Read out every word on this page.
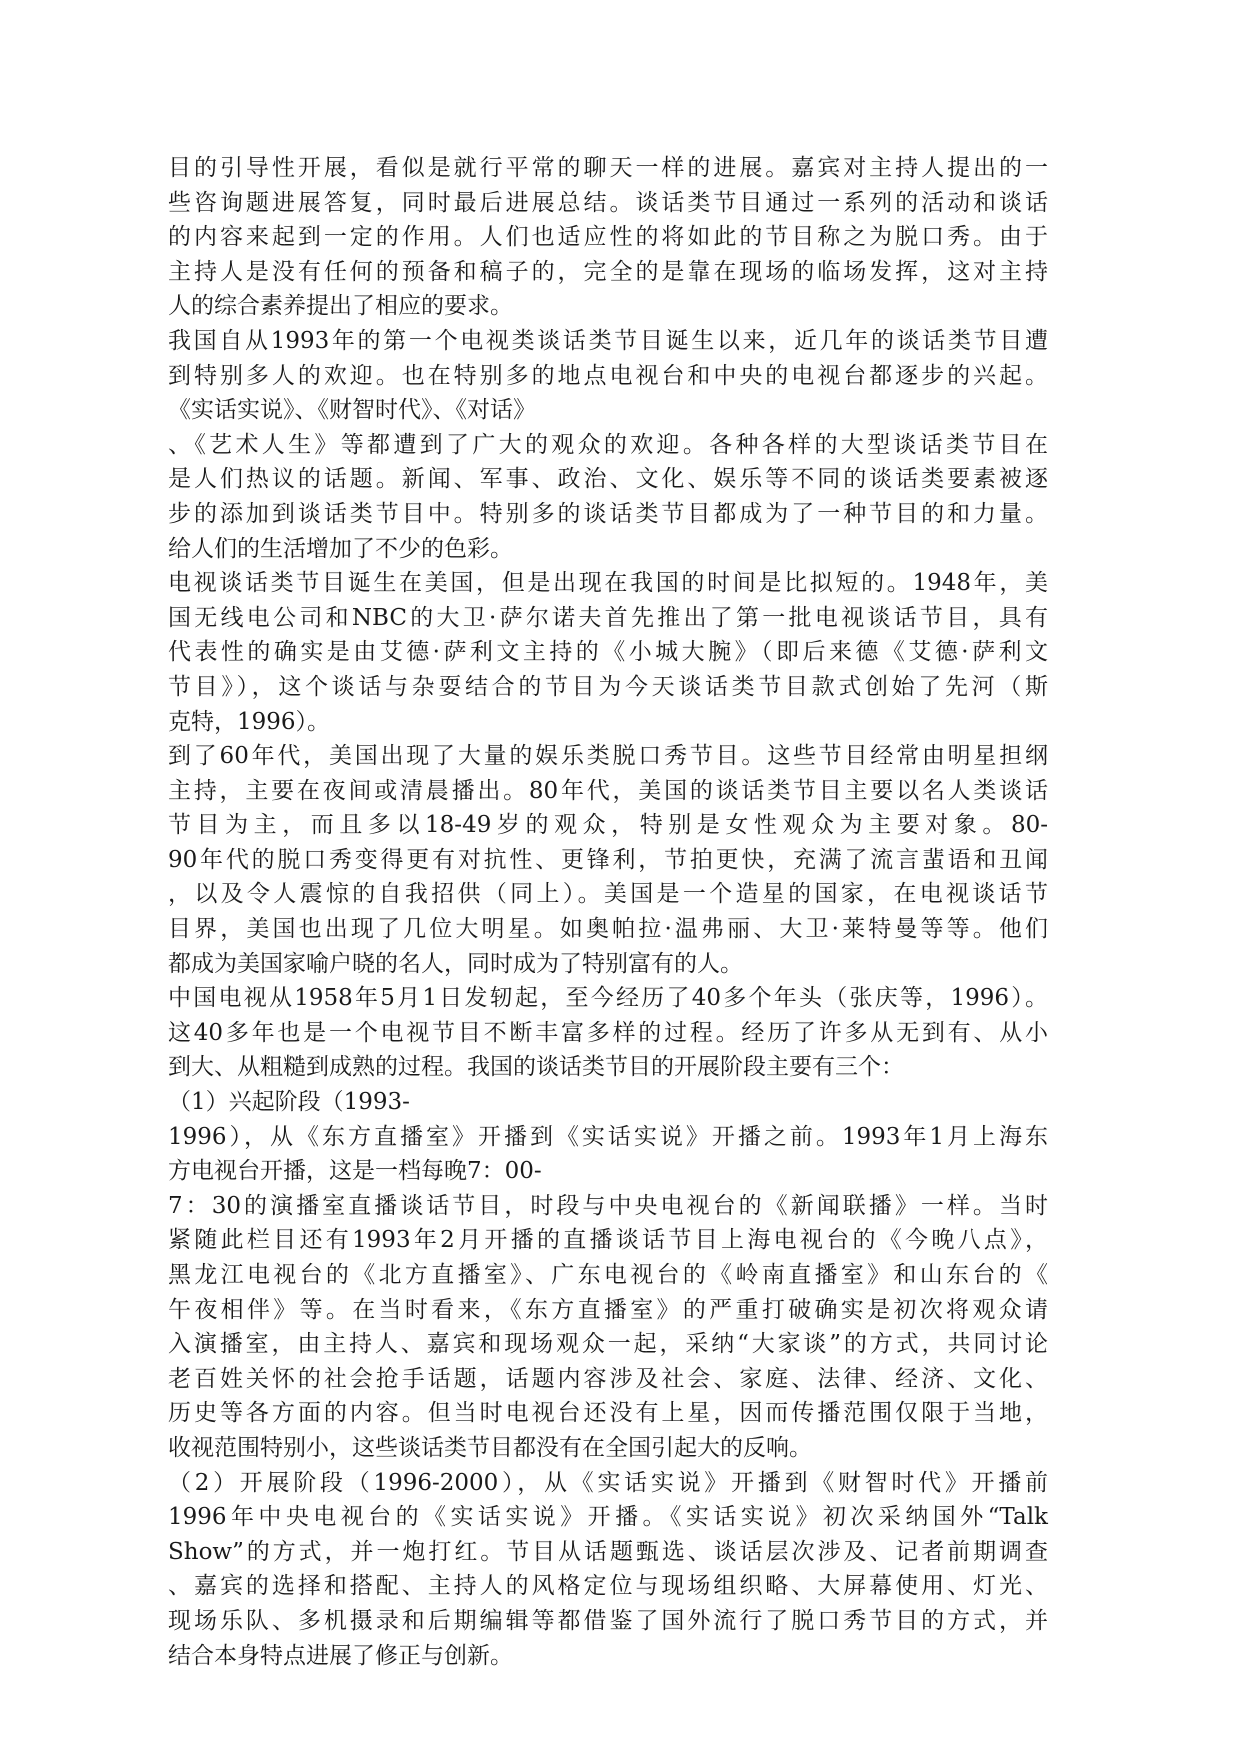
目的引导性开展，看似是就行平常的聊天一样的进展。嘉宾对主持人提出的一
些咨询题进展答复，同时最后进展总结。谈话类节目通过一系列的活动和谈话
的内容来起到一定的作用。人们也适应性的将如此的节目称之为脱口秀。由于
主持人是没有任何的预备和稿子的，完全的是靠在现场的临场发挥，这对主持
人的综合素养提出了相应的要求。
我国自从1993年的第一个电视类谈话类节目诞生以来，近几年的谈话类节目遭
到特别多人的欢迎。也在特别多的地点电视台和中央的电视台都逐步的兴起。
《实话实说》、《财智时代》、《对话》
、《艺术人生》等都遭到了广大的观众的欢迎。各种各样的大型谈话类节目在
是人们热议的话题。新闻、军事、政治、文化、娱乐等不同的谈话类要素被逐
步的添加到谈话类节目中。特别多的谈话类节目都成为了一种节目的和力量。
给人们的生活增加了不少的色彩。
电视谈话类节目诞生在美国，但是出现在我国的时间是比拟短的。1948年，美
国无线电公司和NBC的大卫·萨尔诺夫首先推出了第一批电视谈话节目，具有
代表性的确实是由艾德·萨利文主持的《小城大腕》（即后来德《艾德·萨利文
节目》），这个谈话与杂耍结合的节目为今天谈话类节目款式创始了先河（斯
克特，1996）。
到了60年代，美国出现了大量的娱乐类脱口秀节目。这些节目经常由明星担纲
主持，主要在夜间或清晨播出。80年代，美国的谈话类节目主要以名人类谈话
节目为主，而且多以18-49岁的观众，特别是女性观众为主要对象。80-
90年代的脱口秀变得更有对抗性、更锋利，节拍更快，充满了流言蜚语和丑闻
，以及令人震惊的自我招供（同上）。美国是一个造星的国家，在电视谈话节
目界，美国也出现了几位大明星。如奥帕拉·温弗丽、大卫·莱特曼等等。他们
都成为美国家喻户晓的名人，同时成为了特别富有的人。
中国电视从1958年5月1日发轫起，至今经历了40多个年头（张庆等，1996）。
这40多年也是一个电视节目不断丰富多样的过程。经历了许多从无到有、从小
到大、从粗糙到成熟的过程。我国的谈话类节目的开展阶段主要有三个：
（1）兴起阶段（1993-
1996），从《东方直播室》开播到《实话实说》开播之前。1993年1月上海东
方电视台开播，这是一档每晚7：00-
7：30的演播室直播谈话节目，时段与中央电视台的《新闻联播》一样。当时
紧随此栏目还有1993年2月开播的直播谈话节目上海电视台的《今晚八点》，
黑龙江电视台的《北方直播室》、广东电视台的《岭南直播室》和山东台的《
午夜相伴》等。在当时看来，《东方直播室》的严重打破确实是初次将观众请
入演播室，由主持人、嘉宾和现场观众一起，采纳“大家谈”的方式，共同讨论
老百姓关怀的社会抢手话题，话题内容涉及社会、家庭、法律、经济、文化、
历史等各方面的内容。但当时电视台还没有上星，因而传播范围仅限于当地，
收视范围特别小，这些谈话类节目都没有在全国引起大的反响。
（2）开展阶段（1996-2000），从《实话实说》开播到《财智时代》开播前
1996年中央电视台的《实话实说》开播。《实话实说》初次采纳国外“Talk
Show”的方式，并一炮打红。节目从话题甄选、谈话层次涉及、记者前期调查
、嘉宾的选择和搭配、主持人的风格定位与现场组织略、大屏幕使用、灯光、
现场乐队、多机摄录和后期编辑等都借鉴了国外流行了脱口秀节目的方式，并
结合本身特点进展了修正与创新。
